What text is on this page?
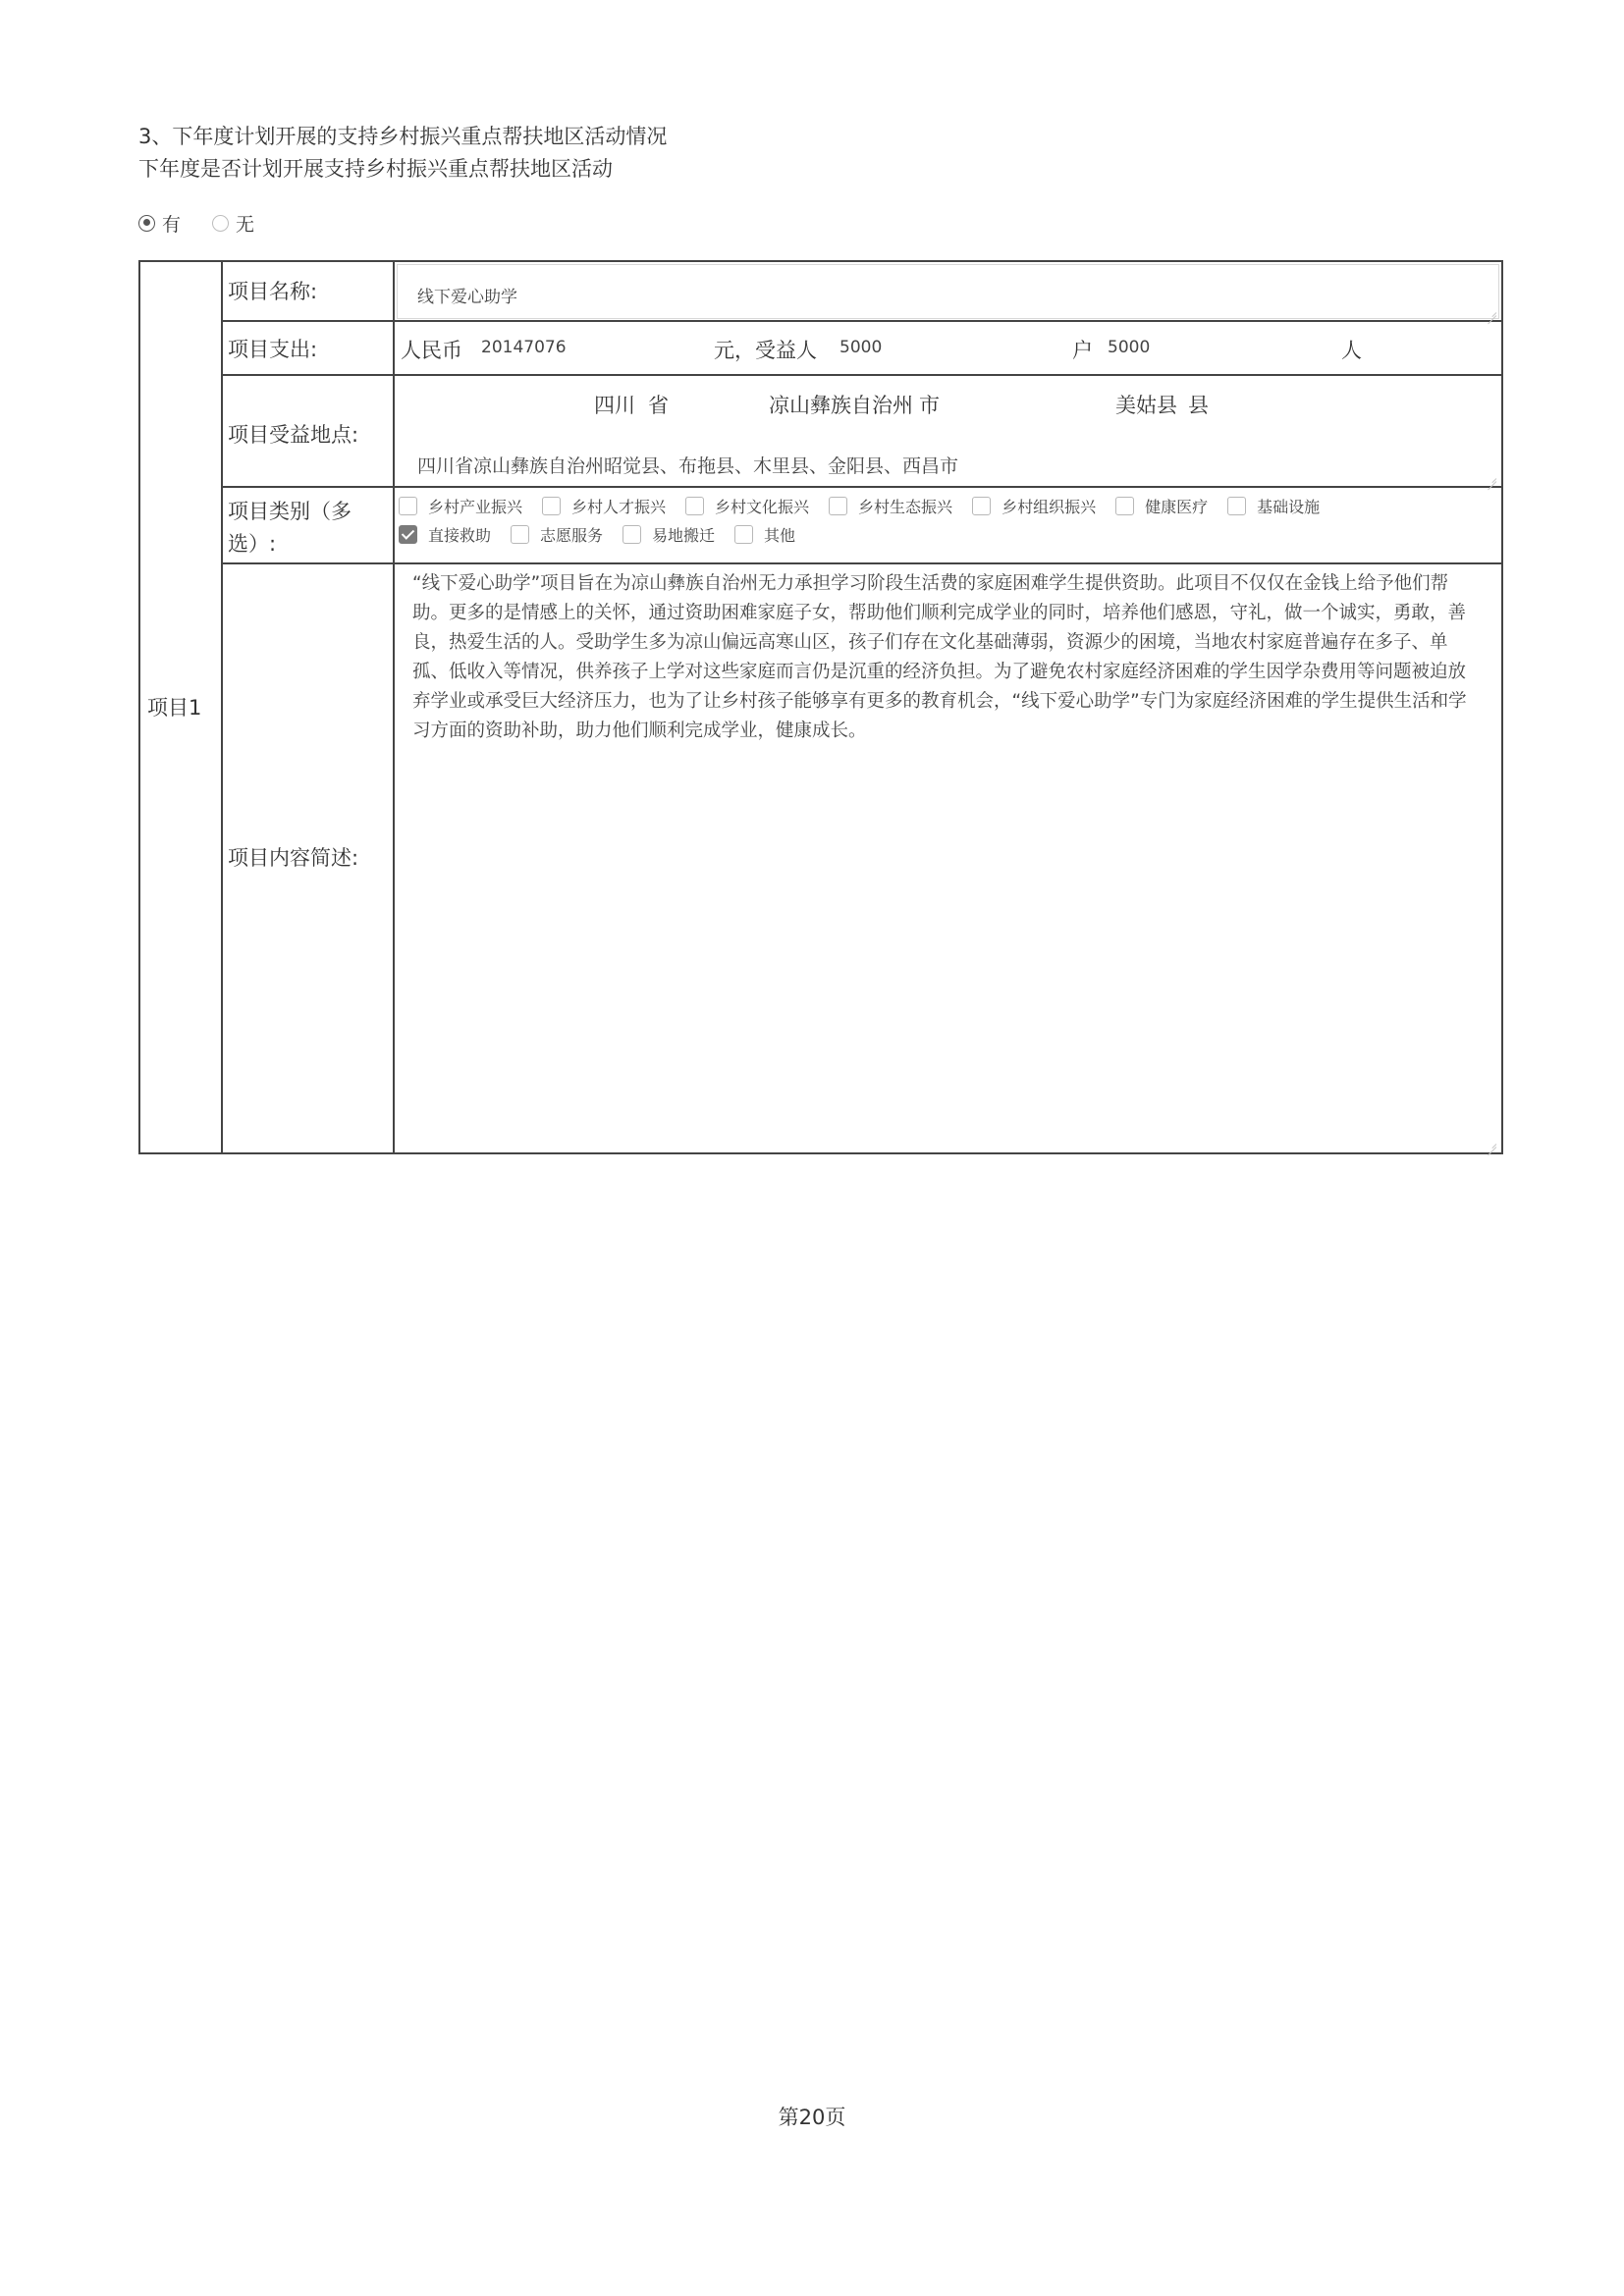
3、下年度计划开展的支持乡村振兴重点帮扶地区活动情况
下年度是否计划开展支持乡村振兴重点帮扶地区活动
有	无
项目1
项目名称:	线下爱心助学
项目支出:	人民币 20147076	元，受益人 5000	户 5000	人
项目受益地点:
四川 省	凉山彝族自治州 市	美姑县 县
四川省凉山彝族自治州昭觉县、布拖县、木里县、金阳县、西昌市
项目类别（多
选）:
乡村产业振兴	乡村人才振兴	乡村文化振兴	乡村生态振兴	乡村组织振兴	健康医疗	基础设施
直接救助	志愿服务	易地搬迁	其他
项目内容简述:
“线下爱心助学”项目旨在为凉山彝族自治州无力承担学习阶段生活费的家庭困难学生提供资助。此项目不仅仅在金钱上给予他们帮助。更多的是情感上的关怀，通过资助困难家庭子女，帮助他们顺利完成学业的同时，培养他们感恩，守礼，做一个诚实，勇敢，善良，热爱生活的人。受助学生多为凉山偏远高寒山区，孩子们存在文化基础薄弱，资源少的困境，当地农村家庭普遍存在多子、单孤、低收入等情况，供养孩子上学对这些家庭而言仍是沉重的经济负担。为了避免农村家庭经济困难的学生因学杂费用等问题被迫放弃学业或承受巨大经济压力，也为了让乡村孩子能够享有更多的教育机会，“线下爱心助学”专门为家庭经济困难的学生提供生活和学习方面的资助补助，助力他们顺利完成学业，健康成长。
第20页
